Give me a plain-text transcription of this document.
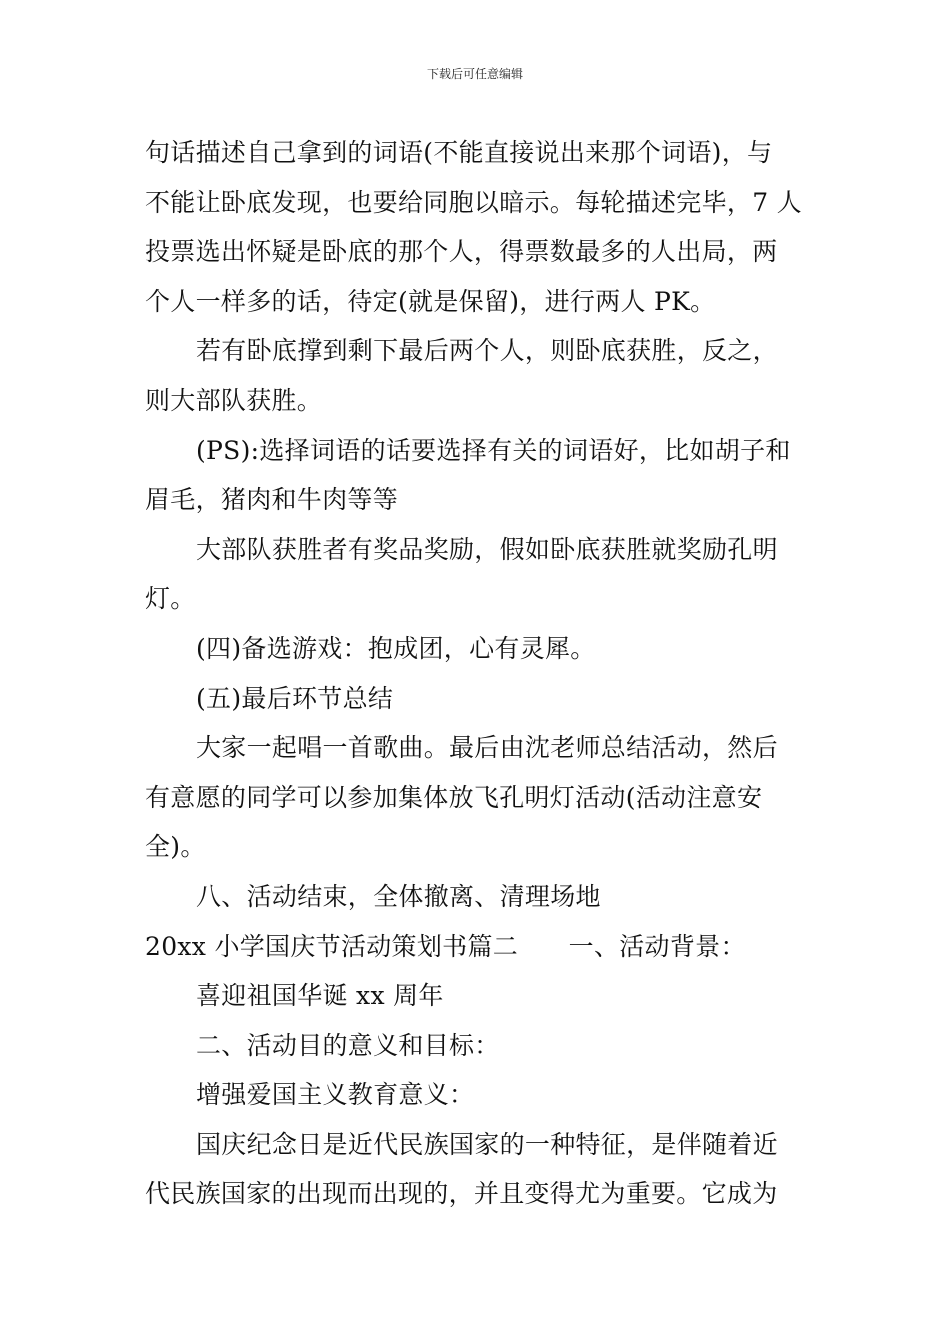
下载后可任意编辑

句话描述自己拿到的词语(不能直接说出来那个词语)，与

不能让卧底发现，也要给同胞以暗示。每轮描述完毕，7 人

投票选出怀疑是卧底的那个人，得票数最多的人出局，两

个人一样多的话，待定(就是保留)，进行两人 PK。

若有卧底撑到剩下最后两个人，则卧底获胜，反之，

则大部队获胜。

(PS):选择词语的话要选择有关的词语好，比如胡子和

眉毛，猪肉和牛肉等等

大部队获胜者有奖品奖励，假如卧底获胜就奖励孔明

灯。

(四)备选游戏：抱成团，心有灵犀。

(五)最后环节总结

大家一起唱一首歌曲。最后由沈老师总结活动，然后

有意愿的同学可以参加集体放飞孔明灯活动(活动注意安

全)。

八、活动结束，全体撤离、清理场地

20xx 小学国庆节活动策划书篇二　　一、活动背景：

喜迎祖国华诞 xx 周年

二、活动目的意义和目标：

增强爱国主义教育意义：

国庆纪念日是近代民族国家的一种特征，是伴随着近

代民族国家的出现而出现的，并且变得尤为重要。它成为
